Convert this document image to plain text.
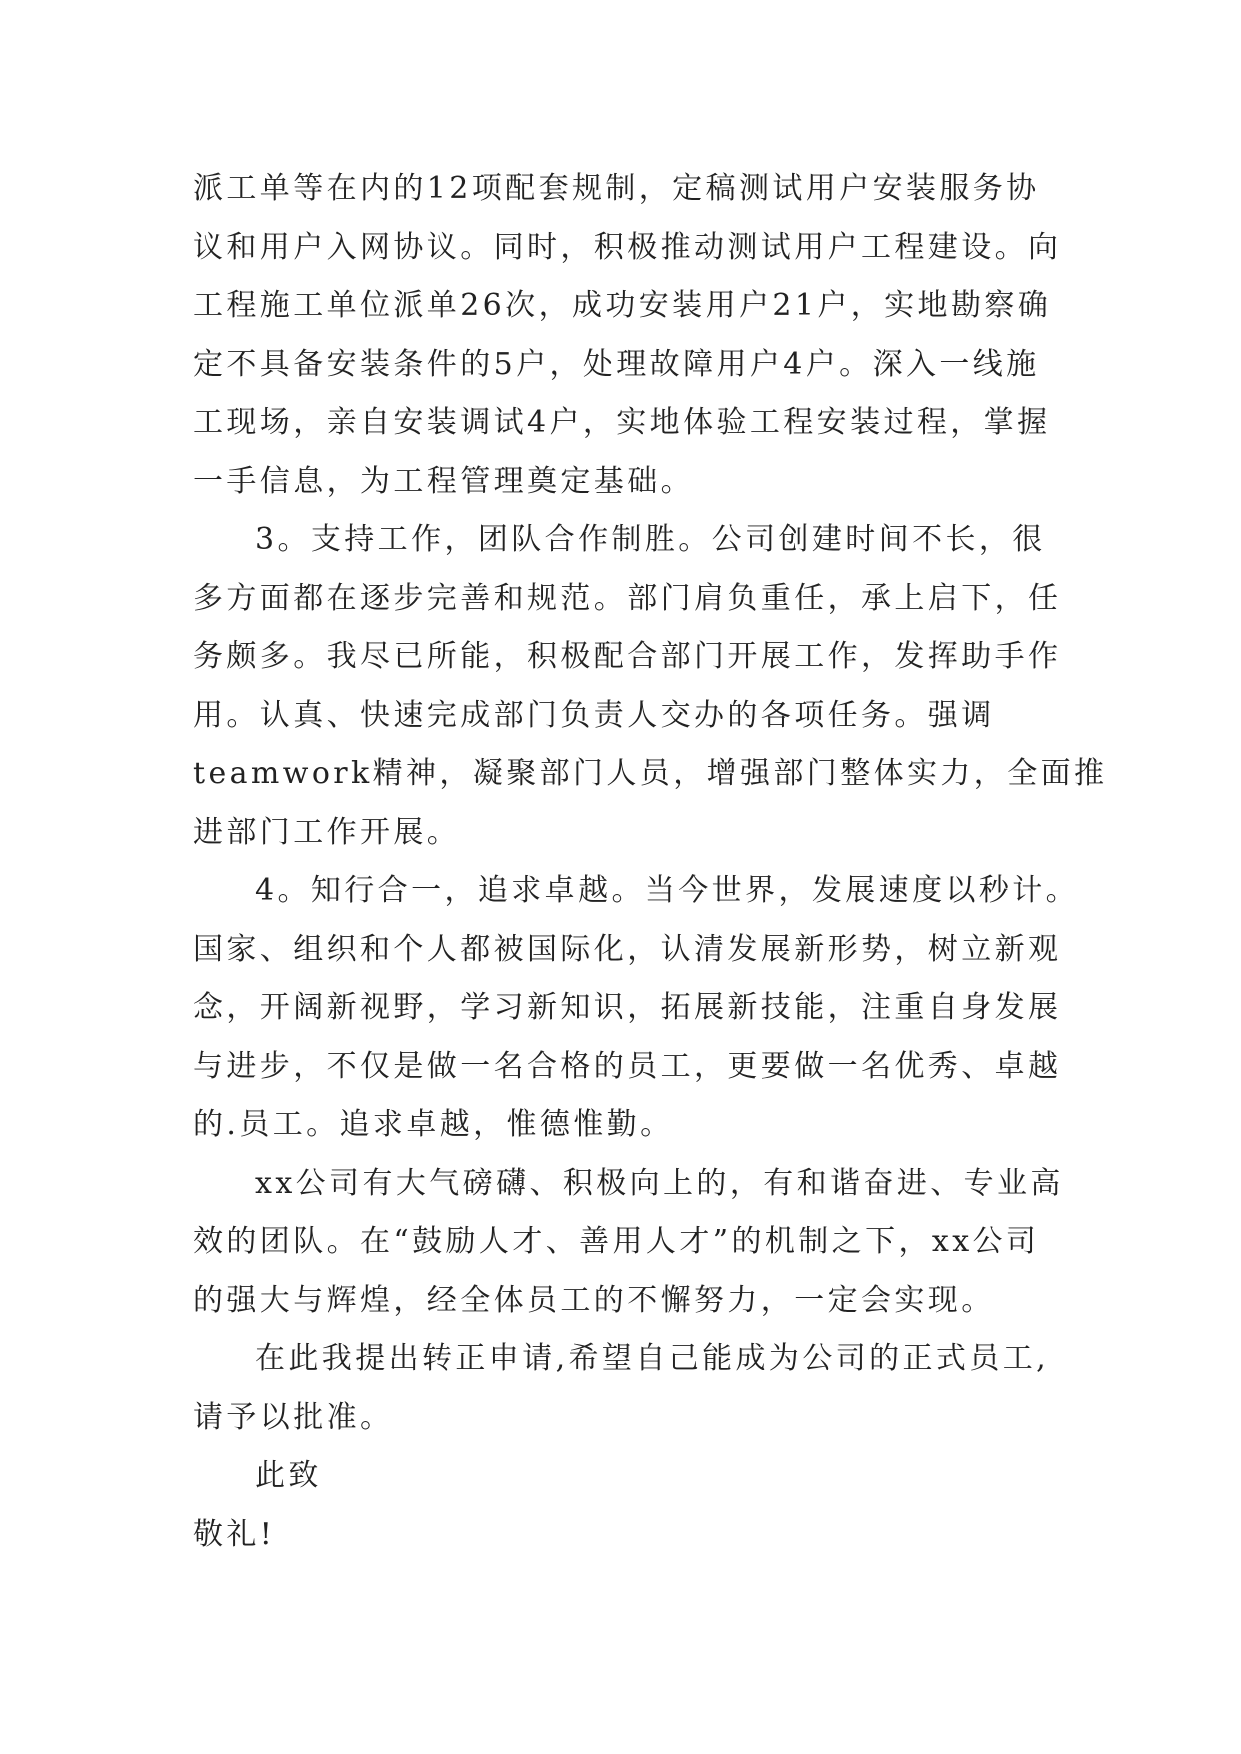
派工单等在内的12项配套规制，定稿测试用户安装服务协
议和用户入网协议。同时，积极推动测试用户工程建设。向
工程施工单位派单26次，成功安装用户21户，实地勘察确
定不具备安装条件的5户，处理故障用户4户。深入一线施
工现场，亲自安装调试4户，实地体验工程安装过程，掌握
一手信息，为工程管理奠定基础。
3。支持工作，团队合作制胜。公司创建时间不长，很
多方面都在逐步完善和规范。部门肩负重任，承上启下，任
务颇多。我尽已所能，积极配合部门开展工作，发挥助手作
用。认真、快速完成部门负责人交办的各项任务。强调
teamwork精神，凝聚部门人员，增强部门整体实力，全面推
进部门工作开展。
4。知行合一，追求卓越。当今世界，发展速度以秒计。
国家、组织和个人都被国际化，认清发展新形势，树立新观
念，开阔新视野，学习新知识，拓展新技能，注重自身发展
与进步，不仅是做一名合格的员工，更要做一名优秀、卓越
的.员工。追求卓越，惟德惟勤。
xx公司有大气磅礴、积极向上的，有和谐奋进、专业高
效的团队。在“鼓励人才、善用人才”的机制之下，xx公司
的强大与辉煌，经全体员工的不懈努力，一定会实现。
在此我提出转正申请,希望自己能成为公司的正式员工,
请予以批准。
此致
敬礼!
